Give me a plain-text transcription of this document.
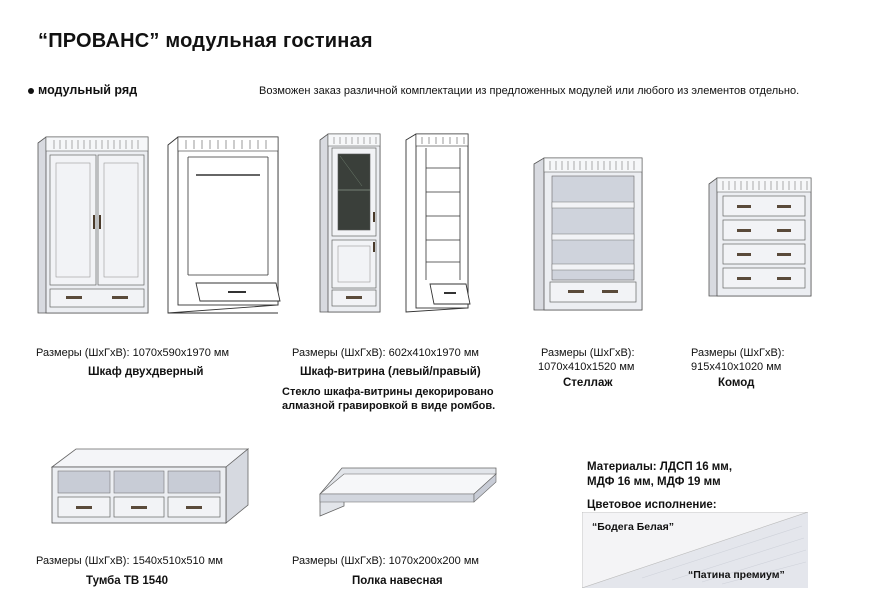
“ПРОВАНС” модульная гостиная
модульный ряд	Возможен заказ различной комплектации из предложенных модулей или любого из элементов отдельно.
Размеры (ШхГхВ): 1070x590x1970 мм
Шкаф двухдверный
Размеры (ШхГхВ): 602x410x1970 мм
Шкаф-витрина (левый/правый)
Стекло шкафа-витрины декорировано
алмазной гравировкой в виде ромбов.
Размеры (ШхГхВ):
1070x410x1520 мм
Стеллаж
Размеры (ШхГхВ):
915x410x1020 мм
Комод
Размеры (ШхГхВ): 1540x510x510 мм
Тумба ТВ 1540
Размеры (ШхГхВ): 1070x200x200 мм
Полка навесная
Материалы: ЛДСП 16 мм,
МДФ 16 мм, МДФ 19 мм
Цветовое исполнение:
“Бодега Белая”
“Патина премиум”
